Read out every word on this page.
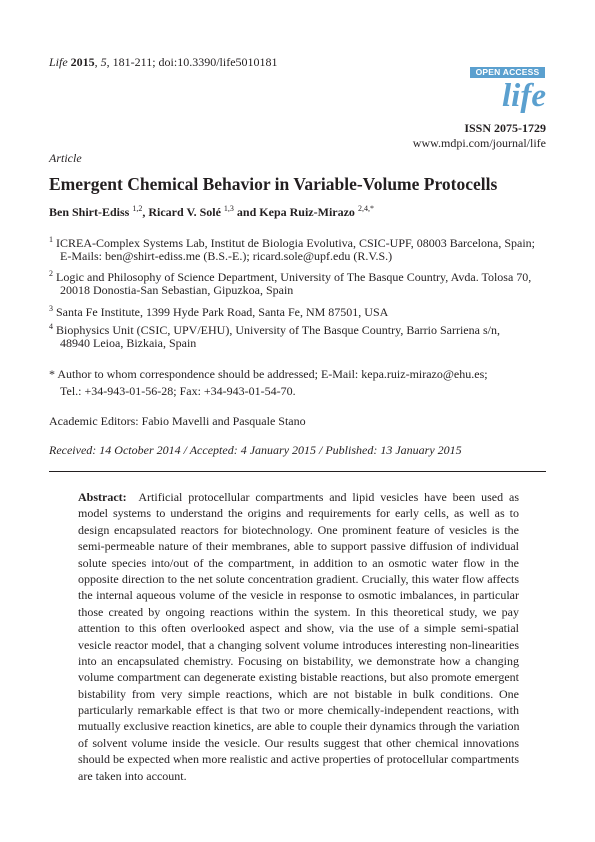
Life 2015, 5, 181-211; doi:10.3390/life5010181
OPEN ACCESS
life
ISSN 2075-1729
www.mdpi.com/journal/life
Article
Emergent Chemical Behavior in Variable-Volume Protocells
Ben Shirt-Ediss $^{1,2}$, Ricard V. Solé $^{1,3}$ and Kepa Ruiz-Mirazo $^{2,4,*}$
$^1$ ICREA-Complex Systems Lab, Institut de Biologia Evolutiva, CSIC-UPF, 08003 Barcelona, Spain;
E-Mails: ben@shirt-ediss.me (B.S.-E.); ricard.sole@upf.edu (R.V.S.)
$^2$ Logic and Philosophy of Science Department, University of The Basque Country, Avda. Tolosa 70,
20018 Donostia-San Sebastian, Gipuzkoa, Spain
$^3$ Santa Fe Institute, 1399 Hyde Park Road, Santa Fe, NM 87501, USA
$^4$ Biophysics Unit (CSIC, UPV/EHU), University of The Basque Country, Barrio Sarriena s/n,
48940 Leioa, Bizkaia, Spain
* Author to whom correspondence should be addressed; E-Mail: kepa.ruiz-mirazo@ehu.es;
Tel.: +34-943-01-56-28; Fax: +34-943-01-54-70.
Academic Editors: Fabio Mavelli and Pasquale Stano
Received: 14 October 2014 / Accepted: 4 January 2015 / Published: 13 January 2015
Abstract: Artificial protocellular compartments and lipid vesicles have been used as
model systems to understand the origins and requirements for early cells, as well as to
design encapsulated reactors for biotechnology. One prominent feature of vesicles is the
semi-permeable nature of their membranes, able to support passive diffusion of individual
solute species into/out of the compartment, in addition to an osmotic water flow in the
opposite direction to the net solute concentration gradient. Crucially, this water flow affects
the internal aqueous volume of the vesicle in response to osmotic imbalances, in particular
those created by ongoing reactions within the system. In this theoretical study, we pay
attention to this often overlooked aspect and show, via the use of a simple semi-spatial
vesicle reactor model, that a changing solvent volume introduces interesting non-linearities
into an encapsulated chemistry. Focusing on bistability, we demonstrate how a changing
volume compartment can degenerate existing bistable reactions, but also promote emergent
bistability from very simple reactions, which are not bistable in bulk conditions. One
particularly remarkable effect is that two or more chemically-independent reactions, with
mutually exclusive reaction kinetics, are able to couple their dynamics through the variation
of solvent volume inside the vesicle. Our results suggest that other chemical innovations
should be expected when more realistic and active properties of protocellular compartments
are taken into account.
